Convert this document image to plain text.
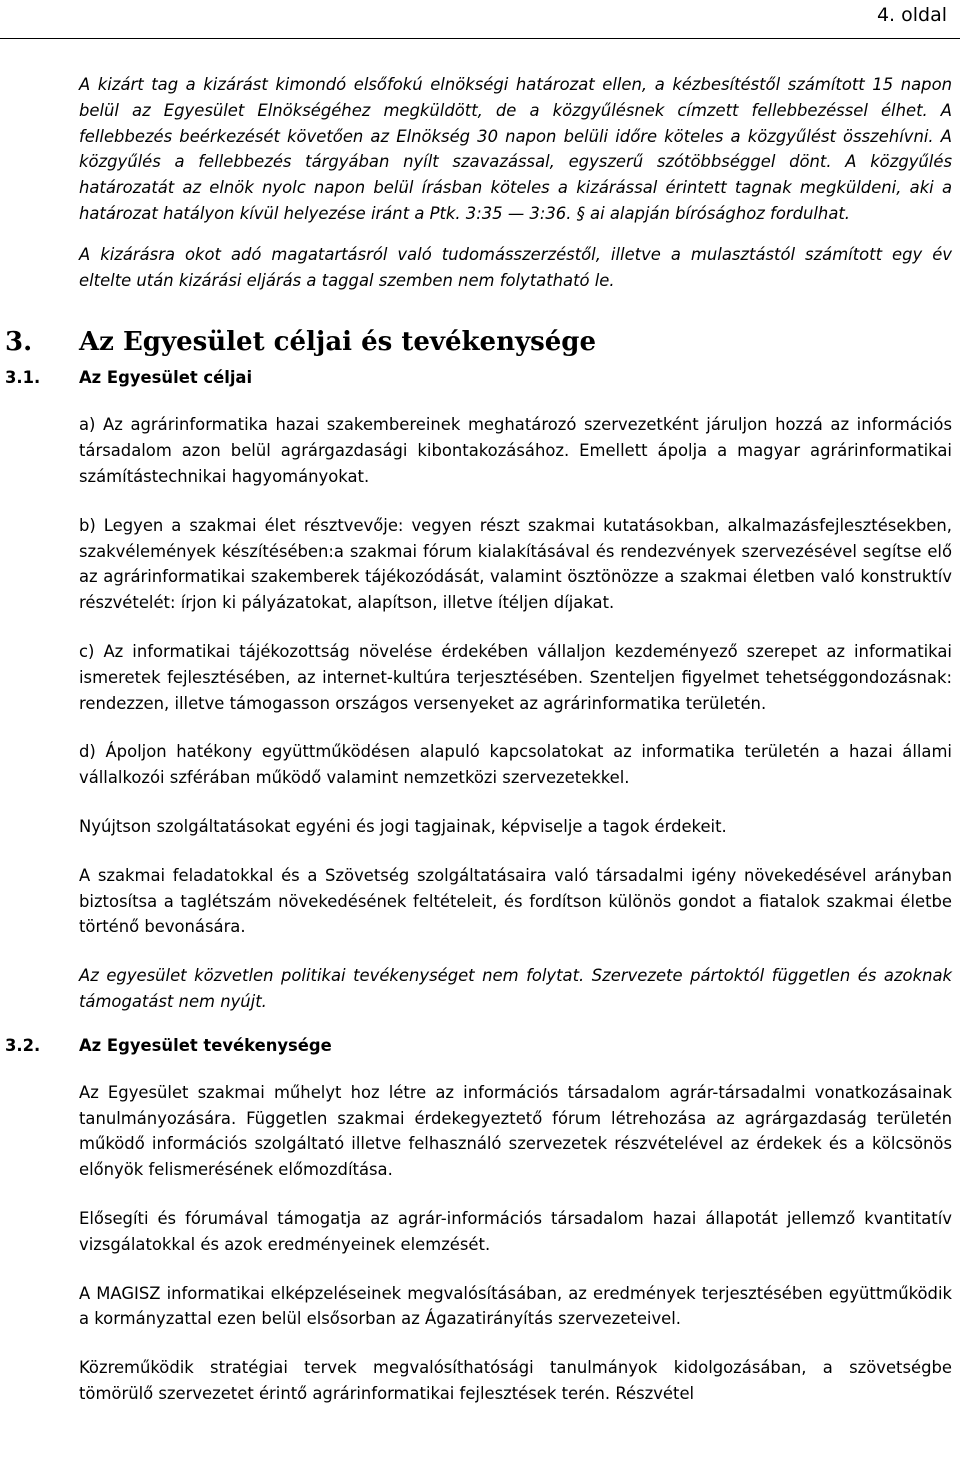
4. oldal

A kizárt tag a kizárást kimondó elsőfokú elnökségi határozat ellen, a kézbesítéstől számított 15 napon belül az Egyesület Elnökségéhez megküldött, de a közgyűlésnek címzett fellebbezéssel élhet. A fellebbezés beérkezését követően az Elnökség 30 napon belüli időre köteles a közgyűlést összehívni. A közgyűlés a fellebbezés tárgyában nyílt szavazással, egyszerű szótöbbséggel dönt. A közgyűlés határozatát az elnök nyolc napon belül írásban köteles a kizárással érintett tagnak megküldeni, aki a határozat hatályon kívül helyezése iránt a Ptk. 3:35 — 3:36. § ai alapján bírósághoz fordulhat.

A kizárásra okot adó magatartásról való tudomásszerzéstől, illetve a mulasztástól számított egy év eltelte után kizárási eljárás a taggal szemben nem folytatható le.

3. Az Egyesület céljai és tevékenysége
3.1. Az Egyesület céljai

a) Az agrárinformatika hazai szakembereinek meghatározó szervezetként járuljon hozzá az információs társadalom azon belül agrárgazdasági kibontakozásához. Emellett ápolja a magyar agrárinformatikai számítástechnikai hagyományokat.

b) Legyen a szakmai élet résztvevője: vegyen részt szakmai kutatásokban, alkalmazásfejlesztésekben, szakvélemények készítésében:a szakmai fórum kialakításával és rendezvények szervezésével segítse elő az agrárinformatikai szakemberek tájékozódását, valamint ösztönözze a szakmai életben való konstruktív részvételét: írjon ki pályázatokat, alapítson, illetve ítéljen díjakat.

c) Az informatikai tájékozottság növelése érdekében vállaljon kezdeményező szerepet az informatikai ismeretek fejlesztésében, az internet-kultúra terjesztésében. Szenteljen figyelmet tehetséggondozásnak: rendezzen, illetve támogasson országos versenyeket az agrárinformatika területén.

d) Ápoljon hatékony együttműködésen alapuló kapcsolatokat az informatika területén a hazai állami vállalkozói szférában működő valamint nemzetközi szervezetekkel.

Nyújtson szolgáltatásokat egyéni és jogi tagjainak, képviselje a tagok érdekeit.

A szakmai feladatokkal és a Szövetség szolgáltatásaira való társadalmi igény növekedésével arányban biztosítsa a taglétszám növekedésének feltételeit, és fordítson különös gondot a fiatalok szakmai életbe történő bevonására.

Az egyesület közvetlen politikai tevékenységet nem folytat. Szervezete pártoktól független és azoknak támogatást nem nyújt.

3.2. Az Egyesület tevékenysége

Az Egyesület szakmai műhelyt hoz létre az információs társadalom agrár-társadalmi vonatkozásainak tanulmányozására. Független szakmai érdekegyeztető fórum létrehozása az agrárgazdaság területén működő információs szolgáltató illetve felhasználó szervezetek részvételével az érdekek és a kölcsönös előnyök felismerésének előmozdítása.

Elősegíti és fórumával támogatja az agrár-információs társadalom hazai állapotát jellemző kvantitatív vizsgálatokkal és azok eredményeinek elemzését.

A MAGISZ informatikai elképzeléseinek megvalósításában, az eredmények terjesztésében együttműködik a kormányzattal ezen belül elsősorban az Ágazatirányítás szervezeteivel.

Közreműködik stratégiai tervek megvalósíthatósági tanulmányok kidolgozásában, a szövetségbe tömörülő szervezetet érintő agrárinformatikai fejlesztések terén. Részvétel
